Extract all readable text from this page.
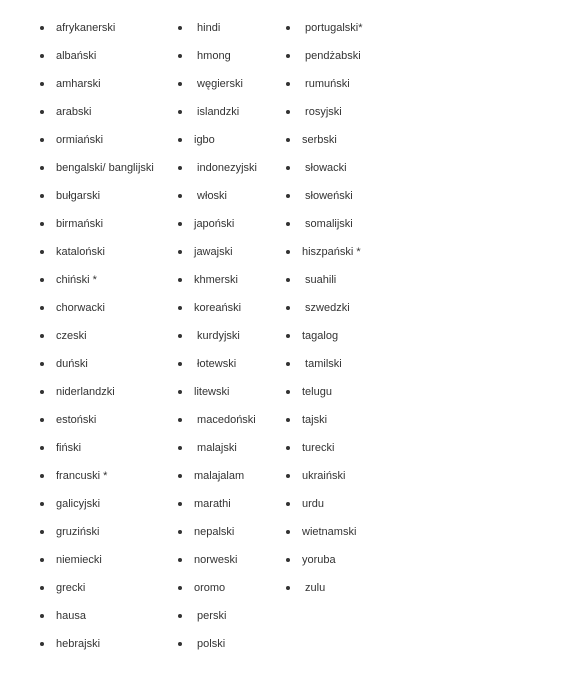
afrykanerski
albański
amharski
arabski
ormiański
bengalski/ banglijski
bułgarski
birmański
kataloński
chiński *
chorwacki
czeski
duński
niderlandzki
estoński
fiński
francuski *
galicyjski
gruziński
niemiecki
grecki
hausa
hebrajski
hindi
hmong
węgierski
islandzki
igbo
indonezyjski
włoski
japoński
jawajski
khmerski
koreański
kurdyjski
łotewski
litewski
macedoński
malajski
malajalam
marathi
nepalski
norweski
oromo
perski
polski
portugalski*
pendżabski
rumuński
rosyjski
serbski
słowacki
słoweński
somalijski
hiszpański *
suahili
szwedzki
tagalog
tamilski
telugu
tajski
turecki
ukraiński
urdu
wietnamski
yoruba
zulu
